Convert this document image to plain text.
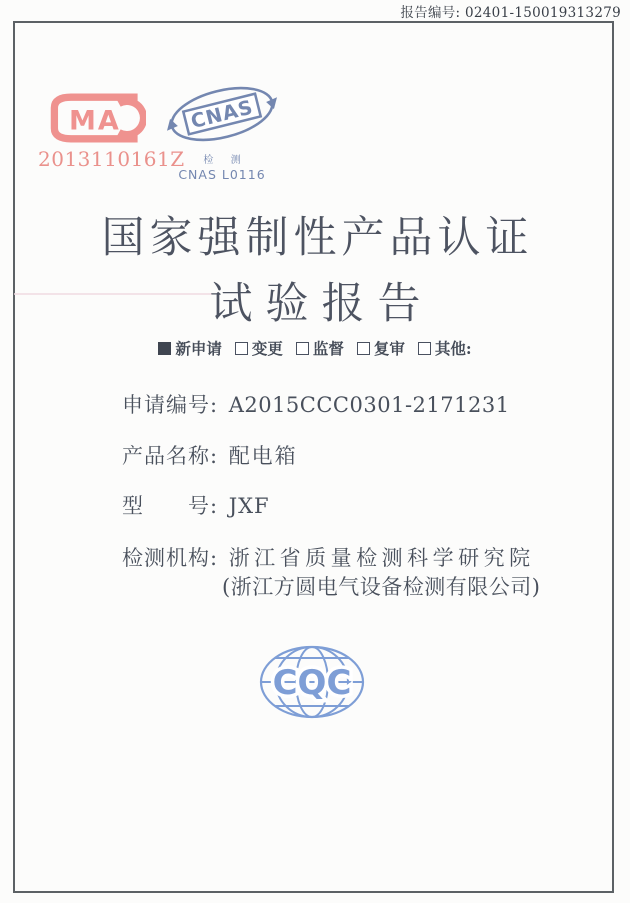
报告编号: 02401-150019313279
MA
2013110161Z
CNAS
检 测
CNAS L0116
国家强制性产品认证
试验报告
新申请 变更 监督 复审 其他:
申请编号: A2015CCC0301-2171231
产品名称: 配电箱
型　　号: JXF
检测机构: 浙江省质量检测科学研究院
(浙江方圆电气设备检测有限公司)
CQC
